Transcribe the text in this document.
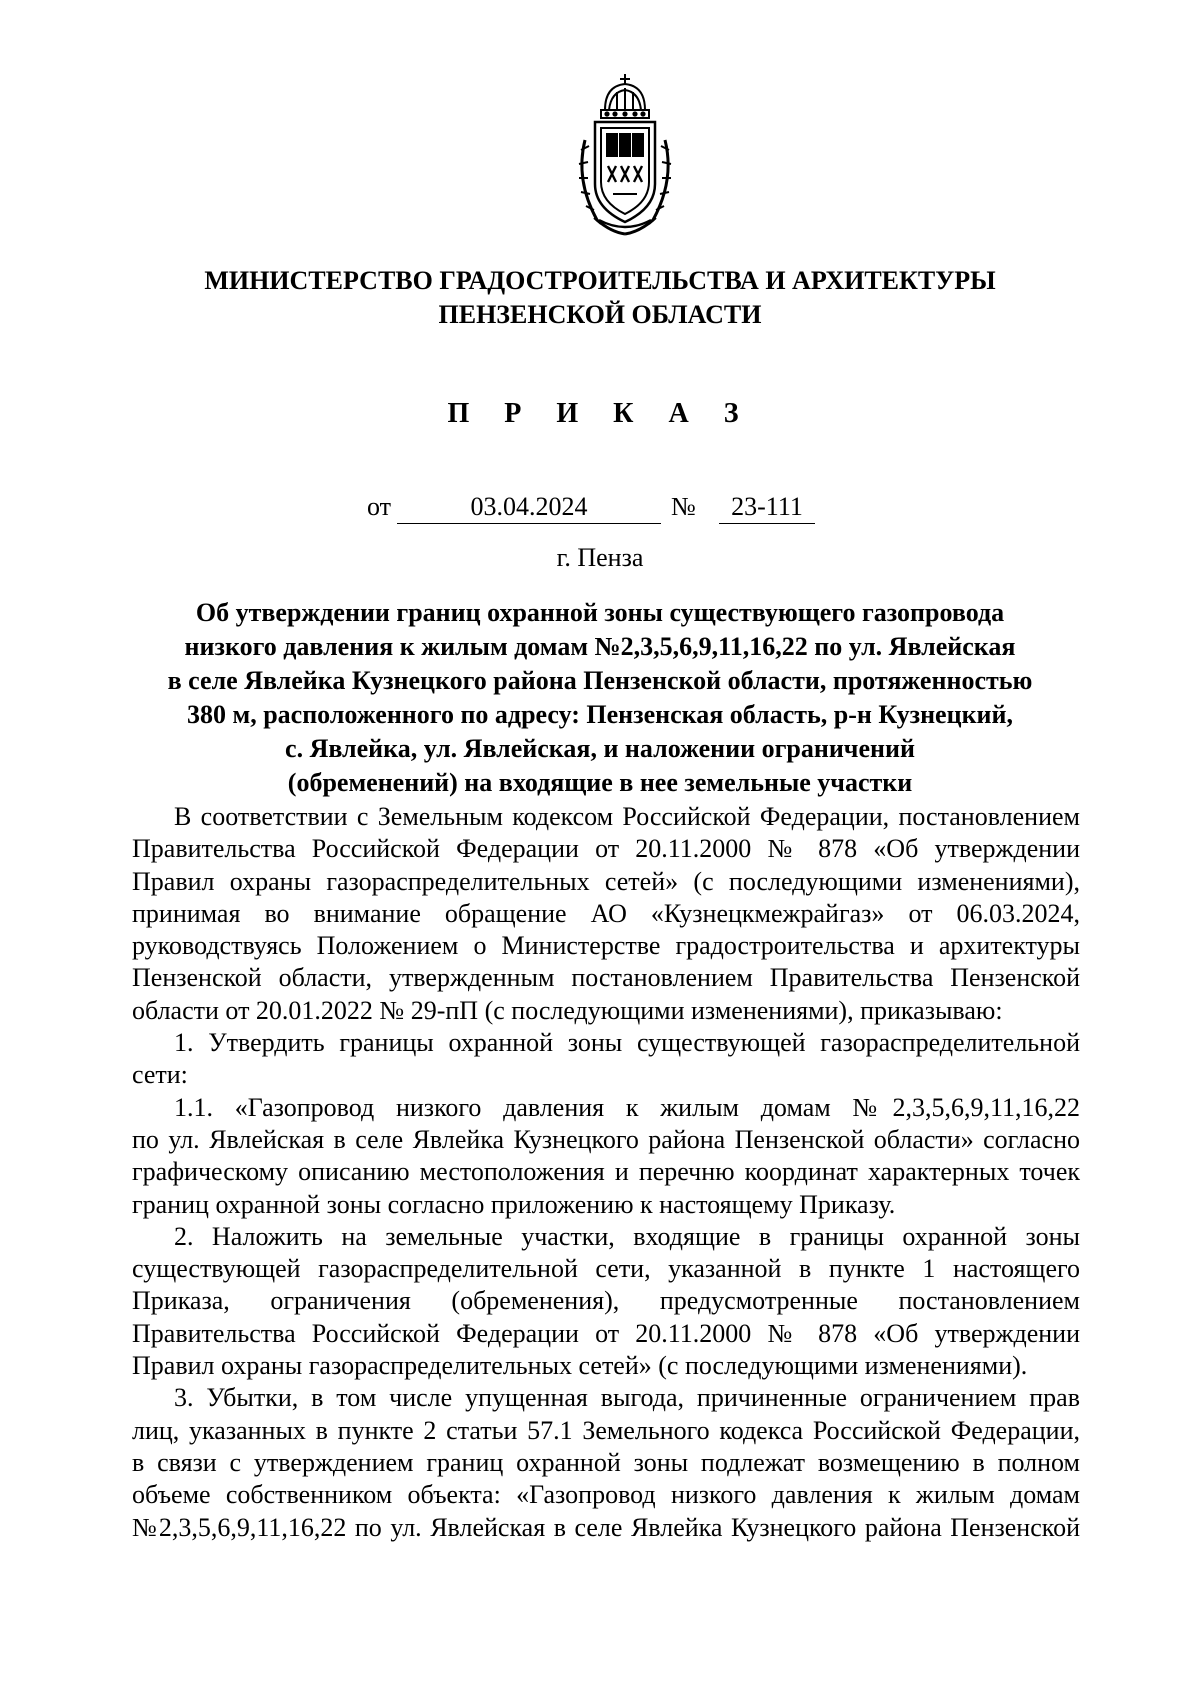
МИНИСТЕРСТВО ГРАДОСТРОИТЕЛЬСТВА И АРХИТЕКТУРЫ
ПЕНЗЕНСКОЙ ОБЛАСТИ
П Р И К А З
от	03.04.2024	№	23-111
г. Пенза
Об утверждении границ охранной зоны существующего газопровода
низкого давления к жилым домам №2,3,5,6,9,11,16,22 по ул. Явлейская
в селе Явлейка Кузнецкого района Пензенской области, протяженностью
380 м, расположенного по адресу: Пензенская область, р-н Кузнецкий,
с. Явлейка, ул. Явлейская, и наложении ограничений
(обременений) на входящие в нее земельные участки
В соответствии с Земельным кодексом Российской Федерации, постановлением
Правительства Российской Федерации от 20.11.2000 № 878 «Об утверждении
Правил охраны газораспределительных сетей» (с последующими изменениями),
принимая во внимание обращение АО «Кузнецкмежрайгаз» от 06.03.2024,
руководствуясь Положением о Министерстве градостроительства и архитектуры
Пензенской области, утвержденным постановлением Правительства Пензенской
области от 20.01.2022 № 29-пП (с последующими изменениями), приказываю:
1. Утвердить границы охранной зоны существующей газораспределительной
сети:
1.1. «Газопровод низкого давления к жилым домам №2,3,5,6,9,11,16,22
по ул. Явлейская в селе Явлейка Кузнецкого района Пензенской области» согласно
графическому описанию местоположения и перечню координат характерных точек
границ охранной зоны согласно приложению к настоящему Приказу.
2. Наложить на земельные участки, входящие в границы охранной зоны
существующей газораспределительной сети, указанной в пункте 1 настоящего
Приказа, ограничения (обременения), предусмотренные постановлением
Правительства Российской Федерации от 20.11.2000 № 878 «Об утверждении
Правил охраны газораспределительных сетей» (с последующими изменениями).
3. Убытки, в том числе упущенная выгода, причиненные ограничением прав
лиц, указанных в пункте 2 статьи 57.1 Земельного кодекса Российской Федерации,
в связи с утверждением границ охранной зоны подлежат возмещению в полном
объеме собственником объекта: «Газопровод низкого давления к жилым домам
№2,3,5,6,9,11,16,22 по ул. Явлейская в селе Явлейка Кузнецкого района Пензенской
